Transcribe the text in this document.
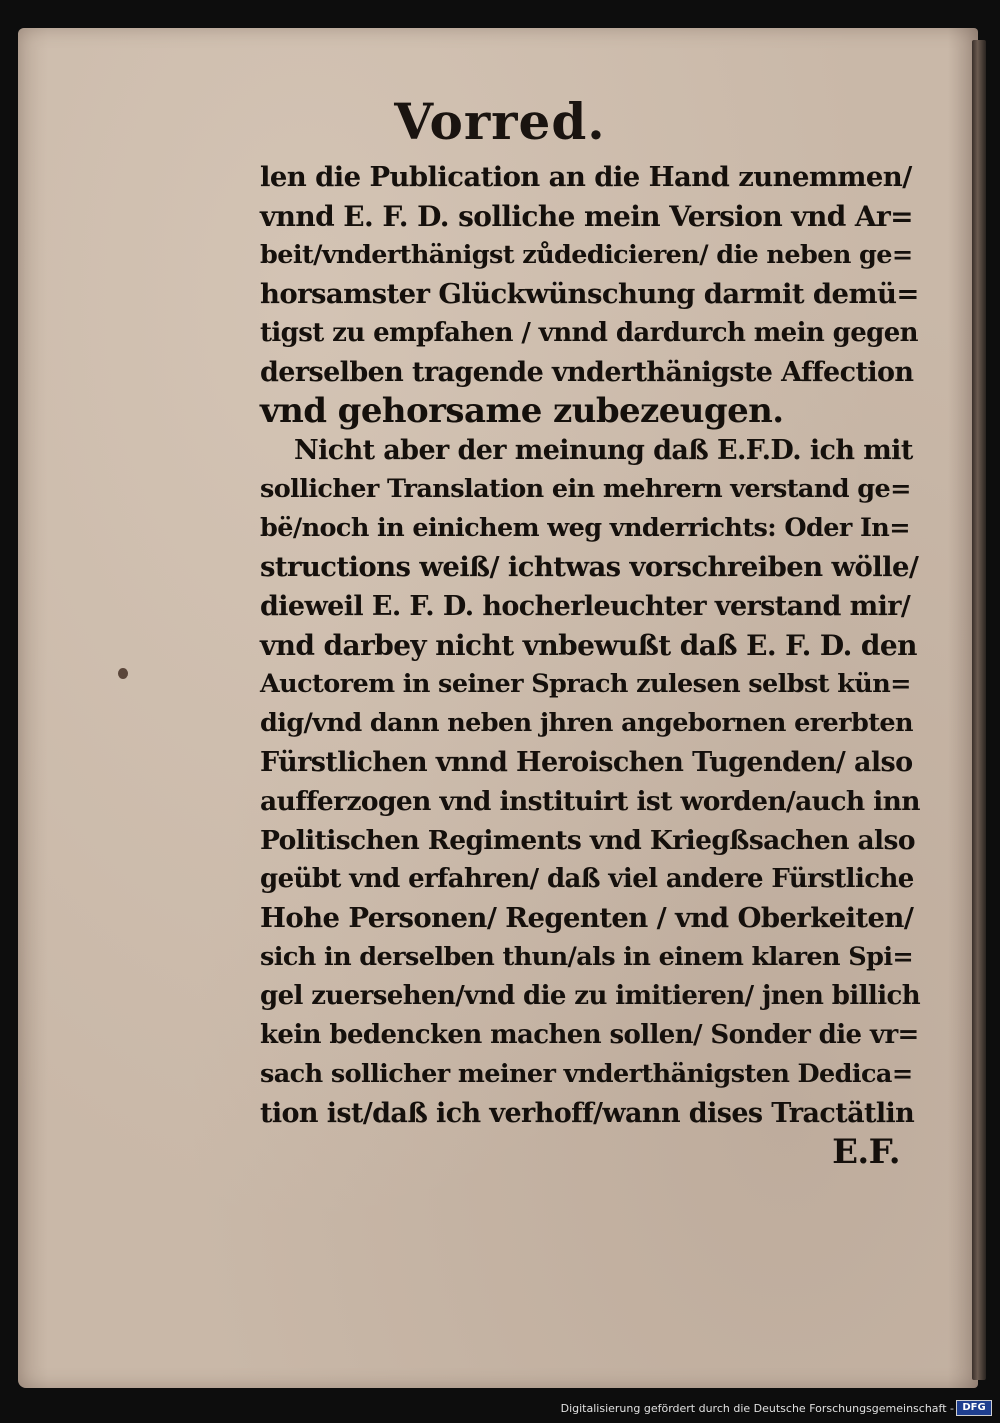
Vorred.
len die Publication an die Hand zunemmen/
vnnd E. F. D. solliche mein Version vnd Ar=
beit/vnderthänigst zůdedicieren/ die neben ge=
horsamster Glückwünschung darmit demü=
tigst zu empfahen / vnnd dardurch mein gegen
derselben tragende vnderthänigste Affection
vnd gehorsame zubezeugen.
Nicht aber der meinung daß E.F.D. ich mit
sollicher Translation ein mehrern verstand ge=
bë/noch in einichem weg vnderrichts: Oder In=
structions weiß/ ichtwas vorschreiben wölle/
dieweil E. F. D. hocherleuchter verstand mir/
vnd darbey nicht vnbewußt daß E. F. D. den
Auctorem in seiner Sprach zulesen selbst kün=
dig/vnd dann neben jhren angebornen ererbten
Fürstlichen vnnd Heroischen Tugenden/ also
aufferzogen vnd instituirt ist worden/auch inn
Politischen Regiments vnd Kriegßsachen also
geübt vnd erfahren/ daß viel andere Fürstliche
Hohe Personen/ Regenten / vnd Oberkeiten/
sich in derselben thun/als in einem klaren Spi=
gel zuersehen/vnd die zu imitieren/ jnen billich
kein bedencken machen sollen/ Sonder die vr=
sach sollicher meiner vnderthänigsten Dedica=
tion ist/daß ich verhoff/wann dises Tractätlin
E.F.
Digitalisierung gefördert durch die Deutsche Forschungsgemeinschaft - DFG
